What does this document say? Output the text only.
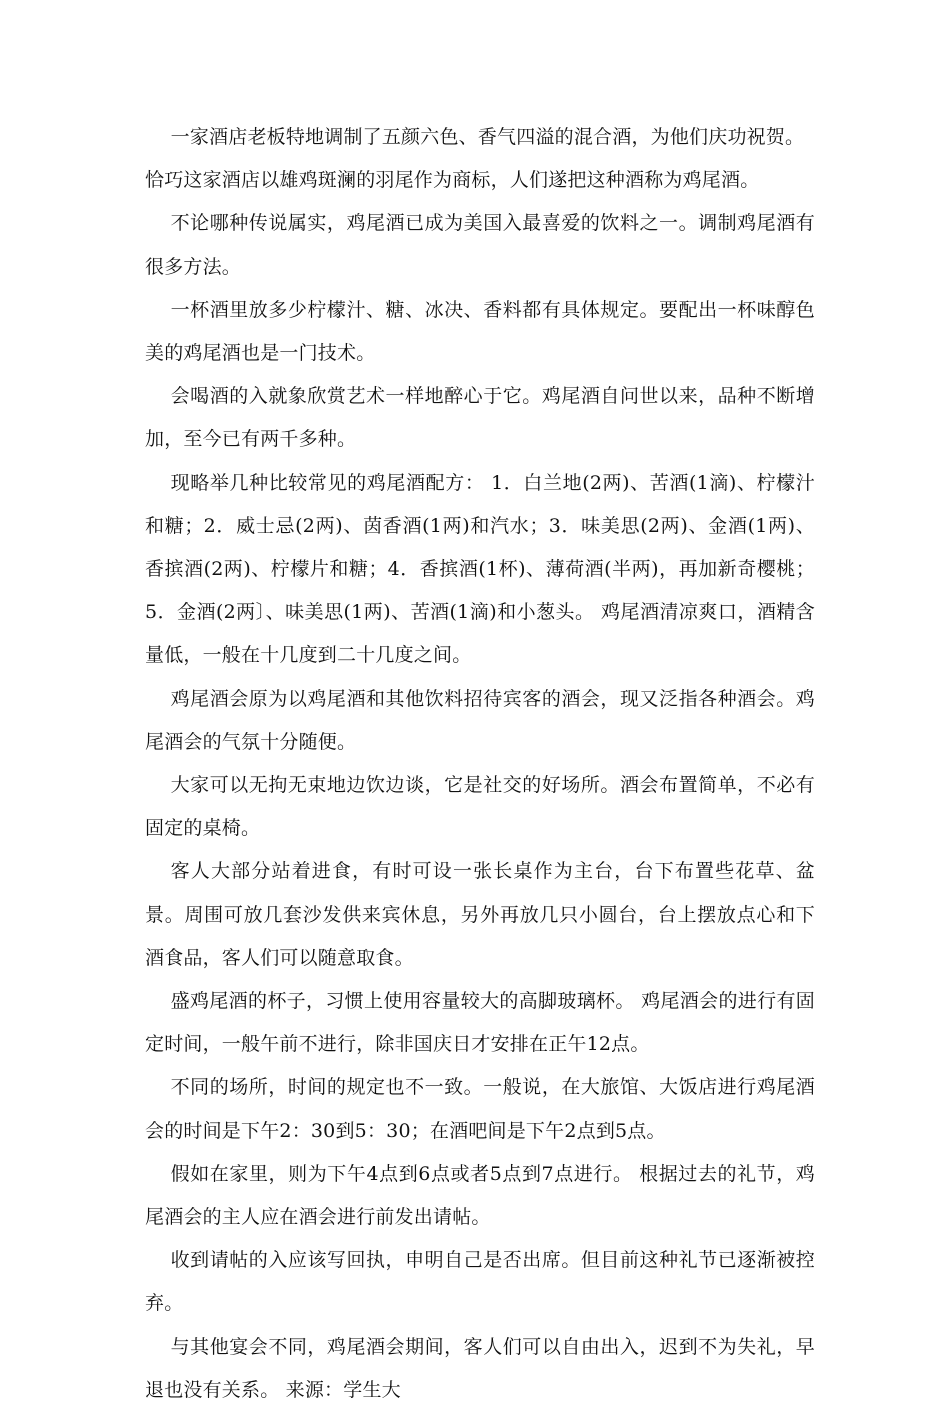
一家酒店老板特地调制了五颜六色、香气四溢的混合酒，为他们庆功祝贺。

恰巧这家酒店以雄鸡斑澜的羽尾作为商标，人们遂把这种酒称为鸡尾酒。

不论哪种传说属实，鸡尾酒已成为美国入最喜爱的饮料之一。调制鸡尾酒有很多方法。

一杯酒里放多少柠檬汁、糖、冰决、香料都有具体规定。要配出一杯味醇色美的鸡尾酒也是一门技术。

会喝酒的入就象欣赏艺术一样地醉心于它。鸡尾酒自问世以来，品种不断增加，至今已有两千多种。

现略举几种比较常见的鸡尾酒配方： 1．白兰地(2两)、苦酒(1滴)、柠檬汁和糖；2．威士忌(2两)、茵香酒(1两)和汽水；3．味美思(2两)、金酒(1两)、香摈酒(2两)、柠檬片和糖；4．香摈酒(1杯)、薄荷酒(半两)，再加新奇樱桃；5．金酒(2两〕、味美思(1两)、苦酒(1滴)和小葱头。 鸡尾酒清凉爽口，酒精含量低，一般在十几度到二十几度之间。

鸡尾酒会原为以鸡尾酒和其他饮料招待宾客的酒会，现又泛指各种酒会。鸡尾酒会的气氛十分随便。

大家可以无拘无束地边饮边谈，它是社交的好场所。酒会布置简单，不必有固定的桌椅。

客人大部分站着进食，有时可设一张长桌作为主台，台下布置些花草、盆景。周围可放几套沙发供来宾休息，另外再放几只小圆台，台上摆放点心和下酒食品，客人们可以随意取食。

盛鸡尾酒的杯子，习惯上使用容量较大的高脚玻璃杯。 鸡尾酒会的进行有固定时间，一般午前不进行，除非国庆日才安排在正午12点。

不同的场所，时间的规定也不一致。一般说，在大旅馆、大饭店进行鸡尾酒会的时间是下午2：30到5：30；在酒吧间是下午2点到5点。

假如在家里，则为下午4点到6点或者5点到7点进行。 根据过去的礼节，鸡尾酒会的主人应在酒会进行前发出请帖。

收到请帖的入应该写回执，申明自己是否出席。但目前这种礼节已逐渐被控弃。

与其他宴会不同，鸡尾酒会期间，客人们可以自由出入，迟到不为失礼，早退也没有关系。 来源：学生大
